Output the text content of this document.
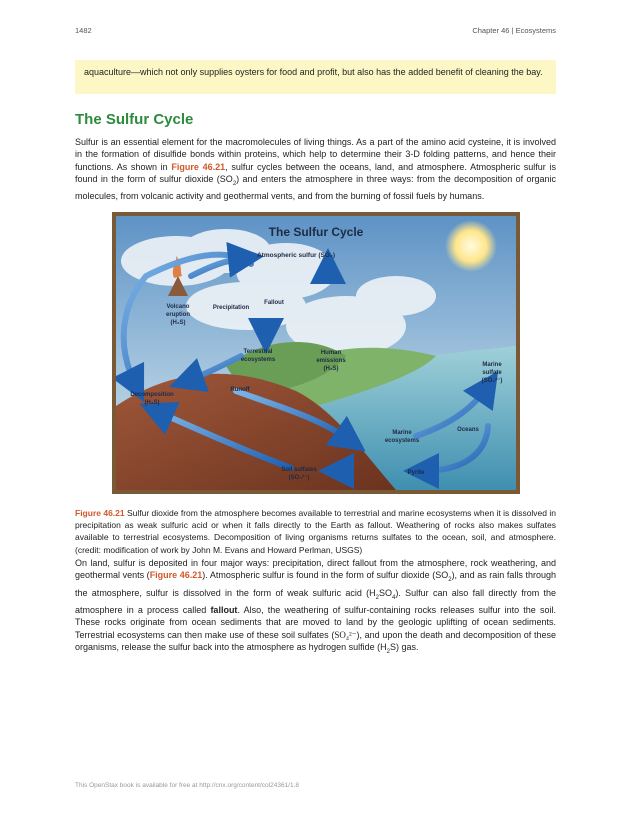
1482	Chapter 46 | Ecosystems
aquaculture—which not only supplies oysters for food and profit, but also has the added benefit of cleaning the bay.
The Sulfur Cycle

Sulfur is an essential element for the macromolecules of living things. As a part of the amino acid cysteine, it is involved in the formation of disulfide bonds within proteins, which help to determine their 3-D folding patterns, and hence their functions. As shown in Figure 46.21, sulfur cycles between the oceans, land, and atmosphere. Atmospheric sulfur is found in the form of sulfur dioxide $(SO_2)$ and enters the atmosphere in three ways: from the decomposition of organic molecules, from volcanic activity and geothermal vents, and from the burning of fossil fuels by humans.

The Sulfur Cycle
Atmospheric sulfur (SO₂)
Volcano
eruption
(H₂S)
Precipitation
Fallout
Terrestrial
ecosystems
Human
emissions
(H₂S)
Decomposition
(H₂S)
Runoff
Marine
sulfate
(SO₄²⁻)
Marine
ecosystems
Oceans
Soil sulfates
(SO₄²⁻)
Pyrite

Figure 46.21 Sulfur dioxide from the atmosphere becomes available to terrestrial and marine ecosystems when it is dissolved in precipitation as weak sulfuric acid or when it falls directly to the Earth as fallout. Weathering of rocks also makes sulfates available to terrestrial ecosystems. Decomposition of living organisms returns sulfates to the ocean, soil, and atmosphere. (credit: modification of work by John M. Evans and Howard Perlman, USGS)

On land, sulfur is deposited in four major ways: precipitation, direct fallout from the atmosphere, rock weathering, and geothermal vents (Figure 46.21). Atmospheric sulfur is found in the form of sulfur dioxide $(SO_2)$, and as rain falls through the atmosphere, sulfur is dissolved in the form of weak sulfuric acid $(H_2SO_4)$. Sulfur can also fall directly from the atmosphere in a process called fallout. Also, the weathering of sulfur-containing rocks releases sulfur into the soil. These rocks originate from ocean sediments that are moved to land by the geologic uplifting of ocean sediments. Terrestrial ecosystems can then make use of these soil sulfates (SO₄²⁻), and upon the death and decomposition of these organisms, release the sulfur back into the atmosphere as hydrogen sulfide $(H_2S)$ gas.

This OpenStax book is available for free at http://cnx.org/content/col24361/1.8
